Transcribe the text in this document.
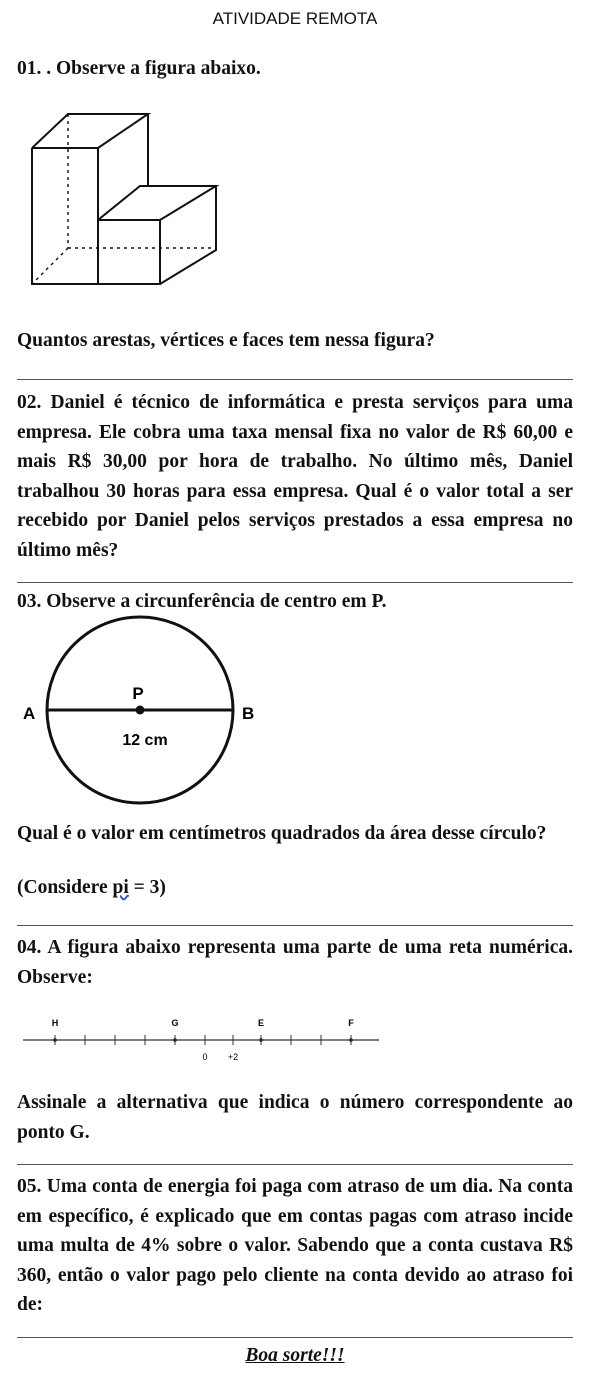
ATIVIDADE REMOTA
01. . Observe a figura abaixo.
Quantos arestas, vértices e faces tem nessa figura?
02. Daniel é técnico de informática e presta serviços para uma empresa. Ele cobra uma taxa mensal fixa no valor de R$ 60,00 e mais R$ 30,00 por hora de trabalho. No último mês, Daniel trabalhou 30 horas para essa empresa. Qual é o valor total a ser recebido por Daniel pelos serviços prestados a essa empresa no último mês?
03. Observe a circunferência de centro em P.
P
A	B
12 cm
Qual é o valor em centímetros quadrados da área desse círculo?
(Considere pi = 3)
04. A figura abaixo representa uma parte de uma reta numérica. Observe:
H	G	E	F
0 +2
Assinale a alternativa que indica o número correspondente ao ponto G.
05. Uma conta de energia foi paga com atraso de um dia. Na conta em específico, é explicado que em contas pagas com atraso incide uma multa de 4% sobre o valor. Sabendo que a conta custava R$ 360, então o valor pago pelo cliente na conta devido ao atraso foi de:
Boa sorte!!!
